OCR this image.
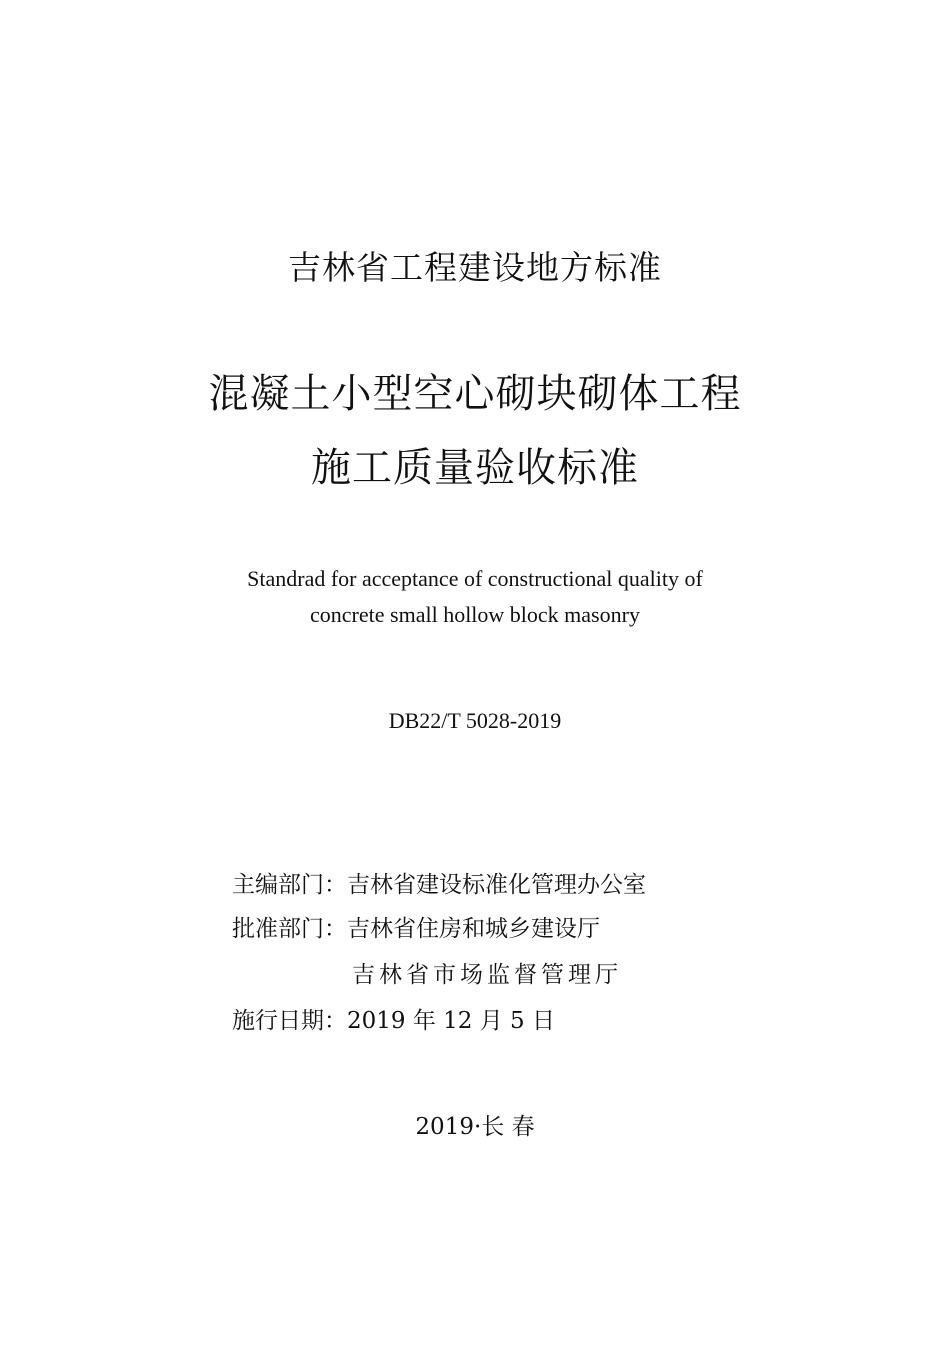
吉林省工程建设地方标准
混凝土小型空心砌块砌体工程
施工质量验收标准
Standrad for acceptance of constructional quality of
concrete small hollow block masonry
DB22/T 5028-2019
主编部门：吉林省建设标准化管理办公室
批准部门：吉林省住房和城乡建设厅
吉林省市场监督管理厅
施行日期：2019 年 12 月 5 日
2019·长 春
